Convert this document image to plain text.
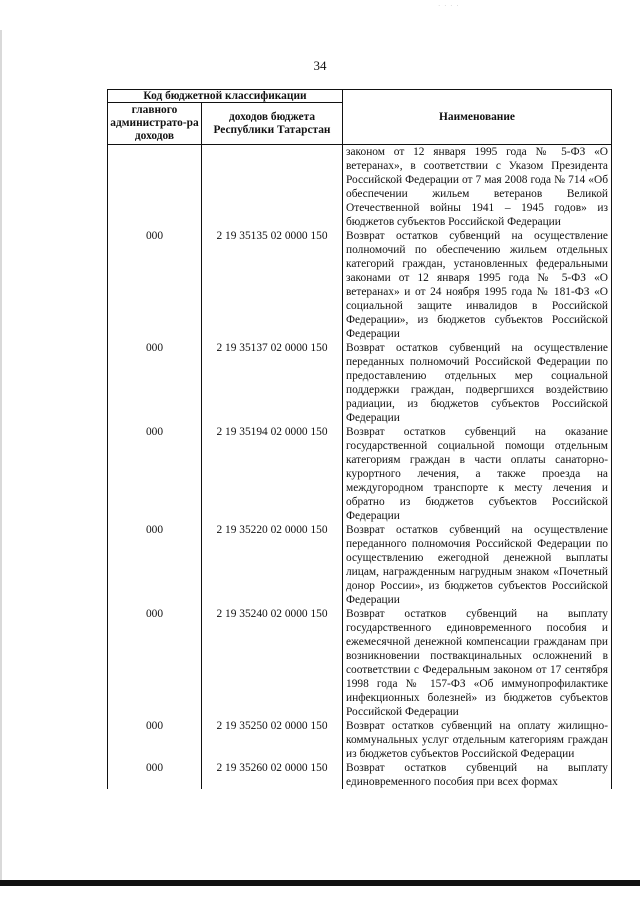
· · · ·
34
Код бюджетной классификации		Наименование
главного администрато-ра доходов	доходов бюджета Республики Татарстан	
		законом от 12 января 1995 года № 5-ФЗ «О ветеранах», в соответствии с Указом Президента Российской Федерации от 7 мая 2008 года № 714 «Об обеспечении жильем ветеранов Великой Отечественной войны 1941 – 1945 годов» из бюджетов субъектов Российской Федерации
000	2 19 35135 02 0000 150	Возврат остатков субвенций на осуществление полномочий по обеспечению жильем отдельных категорий граждан, установленных федеральными законами от 12 января 1995 года № 5-ФЗ «О ветеранах» и от 24 ноября 1995 года № 181-ФЗ «О социальной защите инвалидов в Российской Федерации», из бюджетов субъектов Российской Федерации
000	2 19 35137 02 0000 150	Возврат остатков субвенций на осуществление переданных полномочий Российской Федерации по предоставлению отдельных мер социальной поддержки граждан, подвергшихся воздействию радиации, из бюджетов субъектов Российской Федерации
000	2 19 35194 02 0000 150	Возврат остатков субвенций на оказание государственной социальной помощи отдельным категориям граждан в части оплаты санаторно-курортного лечения, а также проезда на междугородном транспорте к месту лечения и обратно из бюджетов субъектов Российской Федерации
000	2 19 35220 02 0000 150	Возврат остатков субвенций на осуществление переданного полномочия Российской Федерации по осуществлению ежегодной денежной выплаты лицам, награжденным нагрудным знаком «Почетный донор России», из бюджетов субъектов Российской Федерации
000	2 19 35240 02 0000 150	Возврат остатков субвенций на выплату государственного единовременного пособия и ежемесячной денежной компенсации гражданам при возникновении поствакцинальных осложнений в соответствии с Федеральным законом от 17 сентября 1998 года № 157-ФЗ «Об иммунопрофилактике инфекционных болезней» из бюджетов субъектов Российской Федерации
000	2 19 35250 02 0000 150	Возврат остатков субвенций на оплату жилищно-коммунальных услуг отдельным категориям граждан из бюджетов субъектов Российской Федерации
000	2 19 35260 02 0000 150	Возврат остатков субвенций на выплату единовременного пособия при всех формах
